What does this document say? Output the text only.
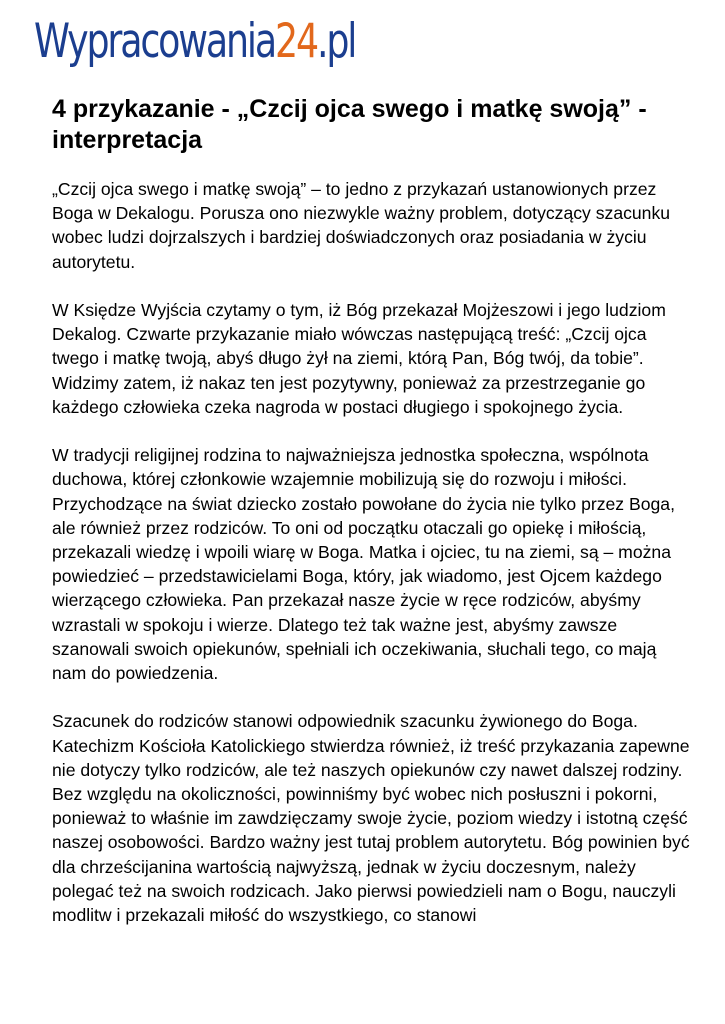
Wypracowania24.pl
4 przykazanie - „Czcij ojca swego i matkę swoją” - interpretacja

„Czcij ojca swego i matkę swoją” – to jedno z przykazań ustanowionych przez Boga w Dekalogu. Porusza ono niezwykle ważny problem, dotyczący szacunku wobec ludzi dojrzalszych i bardziej doświadczonych oraz posiadania w życiu autorytetu.

W Księdze Wyjścia czytamy o tym, iż Bóg przekazał Mojżeszowi i jego ludziom Dekalog. Czwarte przykazanie miało wówczas następującą treść: „Czcij ojca twego i matkę twoją, abyś długo żył na ziemi, którą Pan, Bóg twój, da tobie”. Widzimy zatem, iż nakaz ten jest pozytywny, ponieważ za przestrzeganie go każdego człowieka czeka nagroda w postaci długiego i spokojnego życia.

W tradycji religijnej rodzina to najważniejsza jednostka społeczna, wspólnota duchowa, której członkowie wzajemnie mobilizują się do rozwoju i miłości. Przychodzące na świat dziecko zostało powołane do życia nie tylko przez Boga, ale również przez rodziców. To oni od początku otaczali go opiekę i miłością, przekazali wiedzę i wpoili wiarę w Boga. Matka i ojciec, tu na ziemi, są – można powiedzieć – przedstawicielami Boga, który, jak wiadomo, jest Ojcem każdego wierzącego człowieka. Pan przekazał nasze życie w ręce rodziców, abyśmy wzrastali w spokoju i wierze. Dlatego też tak ważne jest, abyśmy zawsze szanowali swoich opiekunów, spełniali ich oczekiwania, słuchali tego, co mają nam do powiedzenia.

Szacunek do rodziców stanowi odpowiednik szacunku żywionego do Boga. Katechizm Kościoła Katolickiego stwierdza również, iż treść przykazania zapewne nie dotyczy tylko rodziców, ale też naszych opiekunów czy nawet dalszej rodziny. Bez względu na okoliczności, powinniśmy być wobec nich posłuszni i pokorni, ponieważ to właśnie im zawdzięczamy swoje życie, poziom wiedzy i istotną część naszej osobowości. Bardzo ważny jest tutaj problem autorytetu. Bóg powinien być dla chrześcijanina wartością najwyższą, jednak w życiu doczesnym, należy polegać też na swoich rodzicach. Jako pierwsi powiedzieli nam o Bogu, nauczyli modlitw i przekazali miłość do wszystkiego, co stanowi
